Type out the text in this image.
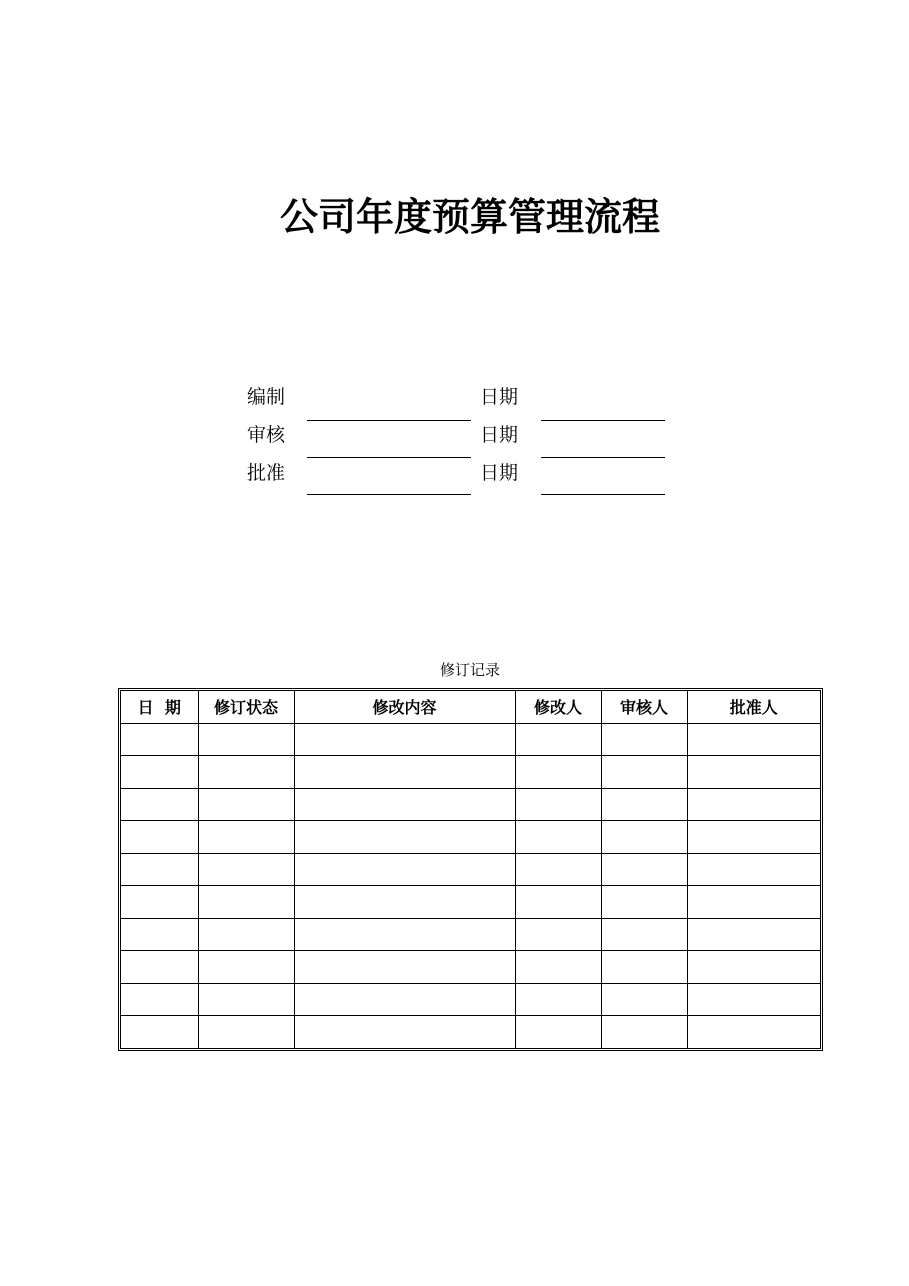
公司年度预算管理流程
编制	日期
审核	日期
批准	日期
修订记录
日  期	修订状态	修改内容	修改人	审核人	批准人
